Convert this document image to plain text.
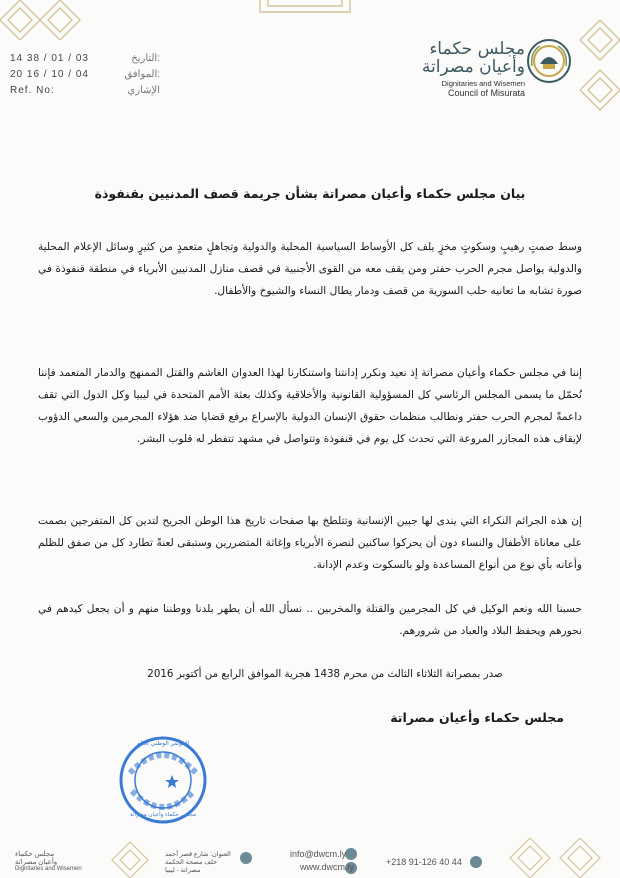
14 38 / 01 / 03	التاريخ:
20 16 / 10 / 04	الموافق:
Ref. No:	الإشاري
مجلس حكماء
وأعيان مصراتة
Dignitaries and Wisemen
Council of Misurata
بيان مجلس حكماء وأعيان مصراتة بشأن جريمة قصف المدنيين بقنفوذة
وسط صمتٍ رهيبٍ وسكوتٍ مخزٍ يلف كل الأوساط السياسية المحلية والدولية وتجاهلٍ متعمدٍ من كثيرٍ وسائل الإعلام المحلية والدولية يواصل مجرم الحرب حفتر ومن يقف معه من القوى الأجنبية في قصف منازل المدنيين الأبرياء في منطقة قنفوذة في صورة تشابه ما تعانيه حلب السورية من قصف ودمار يطال النساء والشيوخ والأطفال.
إننا في مجلس حكماء وأعيان مصراتة إذ نعيد ونكرر إدانتنا واستنكارنا لهذا العدوان الغاشم والقتل الممنهج والدمار المتعمد فإننا نُحمّل ما يسمى المجلس الرئاسي كل المسؤولية القانونية والأخلاقية وكذلك بعثة الأمم المتحدة في ليبيا وكل الدول التي تقف داعمةً لمجرم الحرب حفتر ونطالب منظمات حقوق الإنسان الدولية بالإسراع برفع قضايا ضد هؤلاء المجرمين والسعي الدؤوب لإيقاف هذه المجازر المروعة التي تحدث كل يوم في قنفوذة وتتواصل في مشهد تتفطر له قلوب البشر.
إن هذه الجرائم النكراء التي يندى لها جبين الإنسانية وتتلطخ بها صفحات تاريخ هذا الوطن الجريح لتدين كل المتفرجين بصمت على معاناة الأطفال والنساء دون أن يحركوا ساكنين لنصرة الأبرياء وإغاثة المتضررين وستبقى لعنةً تطارد كل من صفق للظلم وأعانه بأي نوع من أنواع المساعدة ولو بالسكوت وعدم الإدانة.
حسبنا الله ونعم الوكيل في كل المجرمين والقتلة والمخربين .. نسأل الله أن يطهر بلدنا ووطننا منهم و أن يجعل كيدهم في نحورهم ويحفظ البلاد والعباد من شرورهم.
صدر بمصراتة الثلاثاء الثالث من محرم 1438 هجرية الموافق الرابع من أكتوبر 2016
مجلس حكماء وأعيان مصراتة
مجلس حكماء
وأعيان مصراتة
Dignitaries and Wisemen
العنوان: شارع قصر أحمد
خلف مصحة الحكمة
مصراتة - ليبيا
info@dwcm.ly
www.dwcm.ly	+218 91-126 40 44
المؤتمر الوطني العام
مجلس حكماء وأعيان مصراتة
